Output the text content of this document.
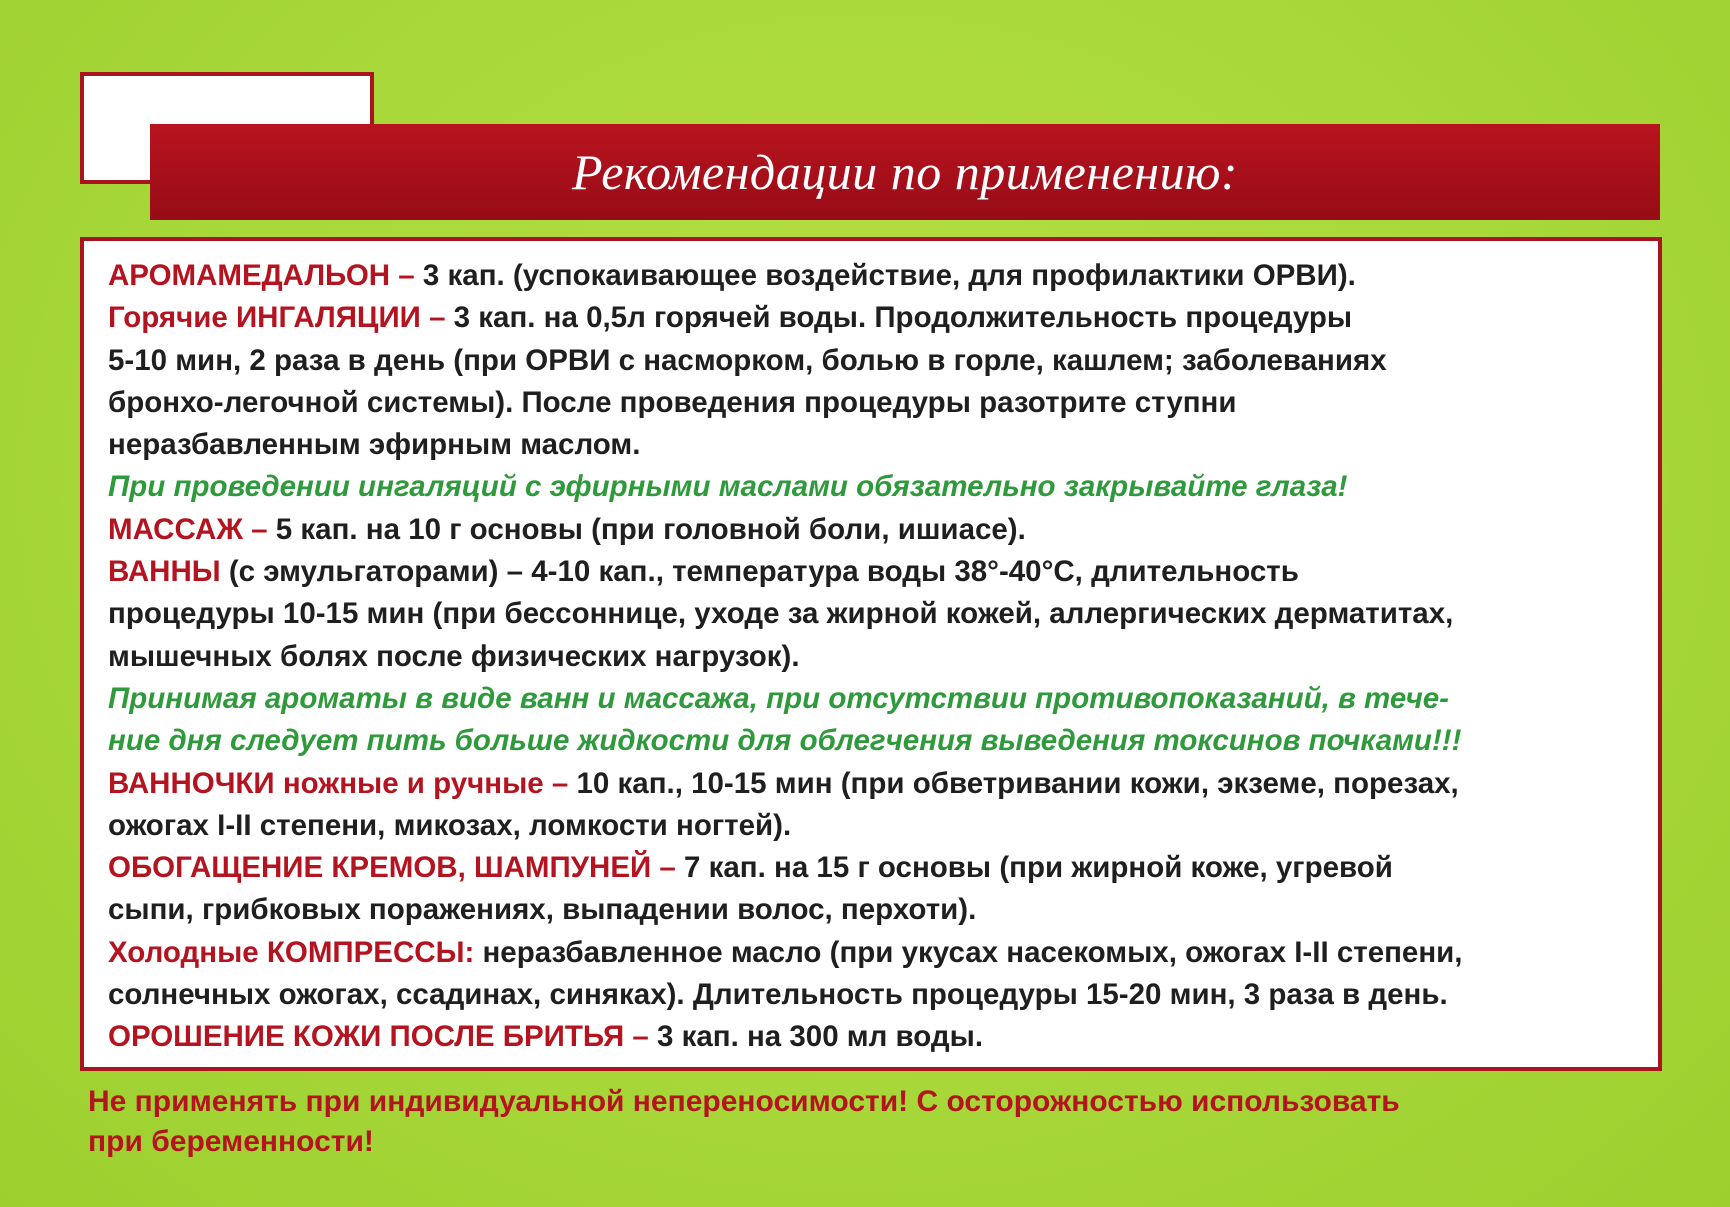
Рекомендации по применению:
АРОМАМЕДАЛЬОН – 3 кап. (успокаивающее воздействие, для профилактики ОРВИ).
Горячие ИНГАЛЯЦИИ – 3 кап. на 0,5л горячей воды. Продолжительность процедуры
5-10 мин, 2 раза в день (при ОРВИ с насморком, болью в горле, кашлем; заболеваниях
бронхо-легочной системы). После проведения процедуры разотрите ступни
неразбавленным эфирным маслом.
При проведении ингаляций с эфирными маслами обязательно закрывайте глаза!
МАССАЖ – 5 кап. на 10 г основы (при головной боли, ишиасе).
ВАННЫ (с эмульгаторами) – 4-10 кап., температура воды 38°-40°С, длительность
процедуры 10-15 мин (при бессоннице, уходе за жирной кожей, аллергических дерматитах,
мышечных болях после физических нагрузок).
Принимая ароматы в виде ванн и массажа, при отсутствии противопоказаний, в тече-
ние дня следует пить больше жидкости для облегчения выведения токсинов почками!!!
ВАННОЧКИ ножные и ручные – 10 кап., 10-15 мин (при обветривании кожи, экземе, порезах,
ожогах I-II степени, микозах, ломкости ногтей).
ОБОГАЩЕНИЕ КРЕМОВ, ШАМПУНЕЙ – 7 кап. на 15 г основы (при жирной коже, угревой
сыпи, грибковых поражениях, выпадении волос, перхоти).
Холодные КОМПРЕССЫ: неразбавленное масло (при укусах насекомых, ожогах I-II степени,
солнечных ожогах, ссадинах, синяках). Длительность процедуры 15-20 мин, 3 раза в день.
ОРОШЕНИЕ КОЖИ ПОСЛЕ БРИТЬЯ – 3 кап. на 300 мл воды.
Не применять при индивидуальной непереносимости! С осторожностью использовать
при беременности!
